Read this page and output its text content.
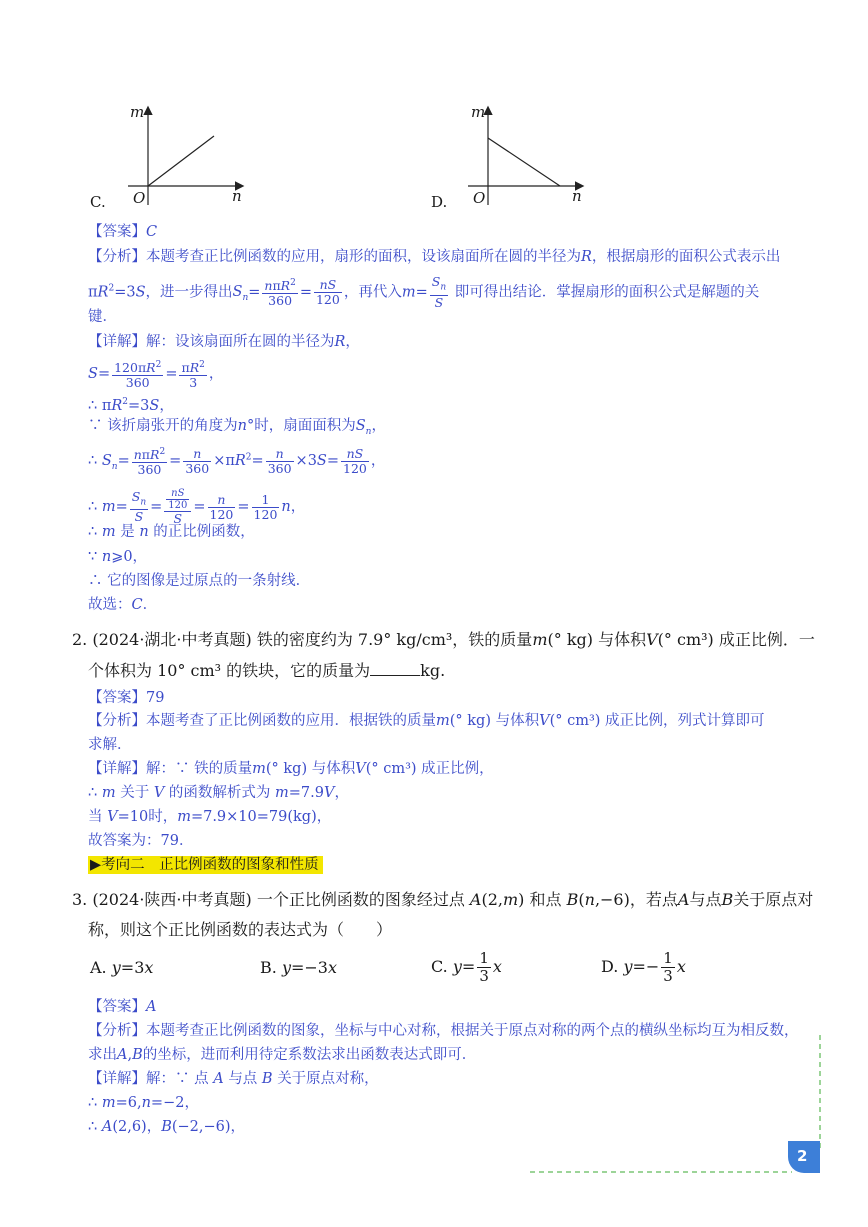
C.
m
n
O	D.
m
n
O
【答案】C
【分析】本题考查正比例函数的应用，扇形的面积，设该扇面所在圆的半径为R，根据扇形的面积公式表示出
$\pi R^2=3S$，进一步得出$S_n= \frac{n\pi R^2}{360} = \frac{nS}{120}$ ，再代入$m= \frac{S_n}{S}$ 即可得出结论．掌握扇形的面积公式是解题的关
键．
【详解】解：设该扇面所在圆的半径为R，
$S= \frac{120\pi R^2}{360} = \frac{\pi R^2}{3}$ ，
∴ $\pi R^2=3S$，
∵ 该折扇张开的角度为n°时，扇面面积为$S_n$，
∴ $S_n= \frac{n\pi R^2}{360} = \frac{n}{360} \times\pi R^2= \frac{n}{360} \times 3S= \frac{nS}{120}$ ，
∴ $m= \frac{S_n}{S} = \frac{\frac{nS}{120}}{S} = \frac{n}{120} = \frac{1}{120}$ n，
∴ m 是 n 的正比例函数，
∵ n⩾0，
∴ 它的图像是过原点的一条射线．
故选：C．
2. (2024·湖北·中考真题) 铁的密度约为 7.9° kg/cm³，铁的质量m(° kg) 与体积V(° cm³) 成正比例．一
个体积为 10° cm³ 的铁块，它的质量为	kg.
【答案】79
【分析】本题考查了正比例函数的应用．根据铁的质量m(° kg) 与体积V(° cm³) 成正比例，列式计算即可
求解．
【详解】解：∵ 铁的质量m(° kg) 与体积V(° cm³) 成正比例，
∴ m 关于 V 的函数解析式为 m=7.9V，
当 V=10时，m=7.9×10=79(kg)，
故答案为：79．
▶考向二　正比例函数的图象和性质
3. (2024·陕西·中考真题) 一个正比例函数的图象经过点 A(2,m) 和点 B(n,−6)，若点A与点B关于原点对
称，则这个正比例函数的表达式为（　　）
A. y=3x	B. y=−3x	C. $y= \frac{1}{3}$ x	D. $y=- \frac{1}{3}$ x
【答案】A
【分析】本题考查正比例函数的图象，坐标与中心对称，根据关于原点对称的两个点的横纵坐标均互为相反数，
求出A,B的坐标，进而利用待定系数法求出函数表达式即可．
【详解】解：∵ 点 A 与点 B 关于原点对称，
∴ m=6,n=−2，
∴ A(2,6)，B(−2,−6)，
2
